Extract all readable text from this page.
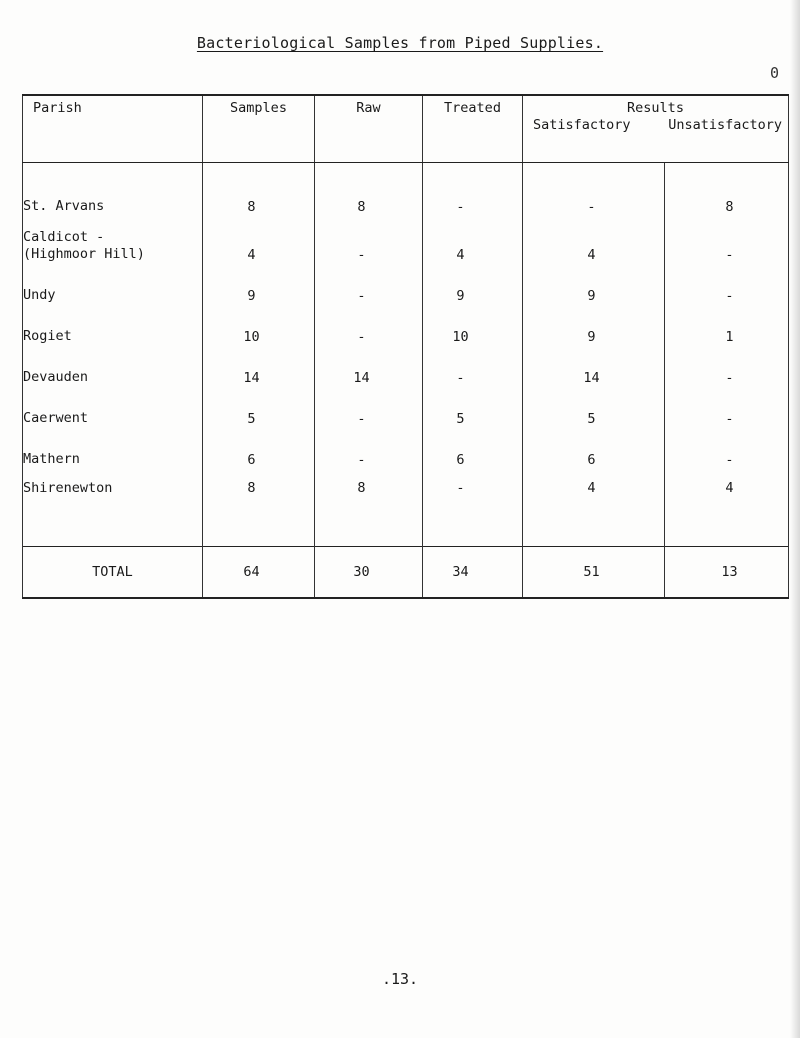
Bacteriological Samples from Piped Supplies.
0
Parish	Samples	Raw	Treated	Results
Satisfactory Unsatisfactory	

St. Arvans	8	8	-	-	8

Caldicot -
(Highmoor Hill)	4	-	4	4	-
Undy	9	-	9	9	-
Rogiet	10	-	10	9	1
Devauden	14	14	-	14	-
Caerwent	5	-	5	5	-
Mathern	6	-	6	6	-
Shirenewton	8	8	-	4	4
TOTAL	64	30	34	51	13
.13.
